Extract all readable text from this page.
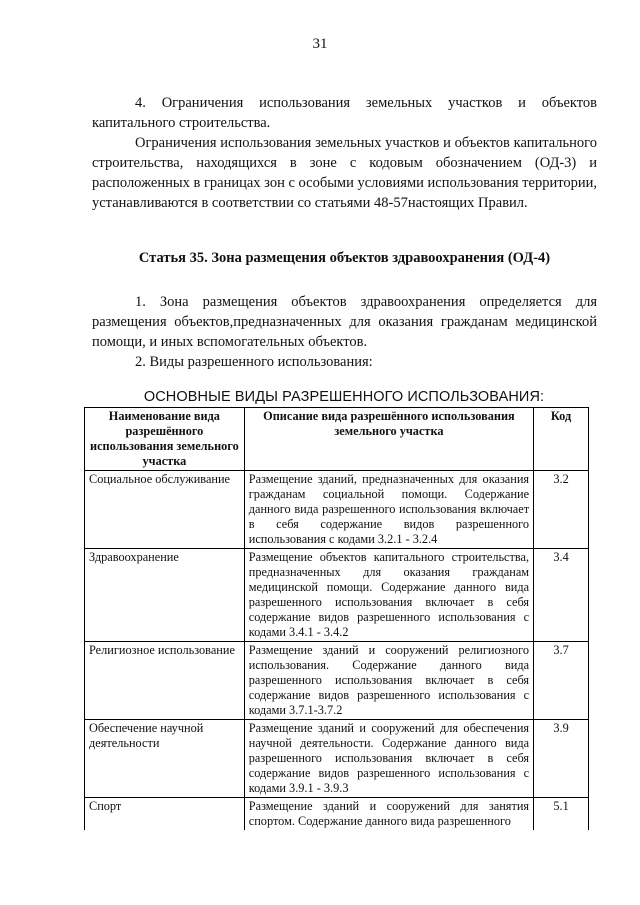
31
4. Ограничения использования земельных участков и объектов капитального строительства.
Ограничения использования земельных участков и объектов капитального строительства, находящихся в зоне с кодовым обозначением (ОД-3) и расположенных в границах зон с особыми условиями использования территории, устанавливаются в соответствии со статьями 48-57настоящих Правил.
Статья 35. Зона размещения объектов здравоохранения (ОД-4)
1. Зона размещения объектов здравоохранения определяется для размещения объектов,предназначенных для оказания гражданам медицинской помощи, и иных вспомогательных объектов.
2. Виды разрешенного использования:
ОСНОВНЫЕ ВИДЫ РАЗРЕШЕННОГО ИСПОЛЬЗОВАНИЯ:
Наименование вида разрешённого использования земельного участка	Описание вида разрешённого использования земельного участка	Код
Социальное обслуживание	Размещение зданий, предназначенных для оказания гражданам социальной помощи. Содержание данного вида разрешенного использования включает в себя содержание видов разрешенного использования с кодами 3.2.1 - 3.2.4	3.2
Здравоохранение	Размещение объектов капитального строительства, предназначенных для оказания гражданам медицинской помощи. Содержание данного вида разрешенного использования включает в себя содержание видов разрешенного использования с кодами 3.4.1 - 3.4.2	3.4
Религиозное использование	Размещение зданий и сооружений религиозного использования. Содержание данного вида разрешенного использования включает в себя содержание видов разрешенного использования с кодами 3.7.1-3.7.2	3.7
Обеспечение научной деятельности	Размещение зданий и сооружений для обеспечения научной деятельности. Содержание данного вида разрешенного использования включает в себя содержание видов разрешенного использования с кодами 3.9.1 - 3.9.3	3.9
Спорт	Размещение зданий и сооружений для занятия спортом. Содержание данного вида разрешенного	5.1
